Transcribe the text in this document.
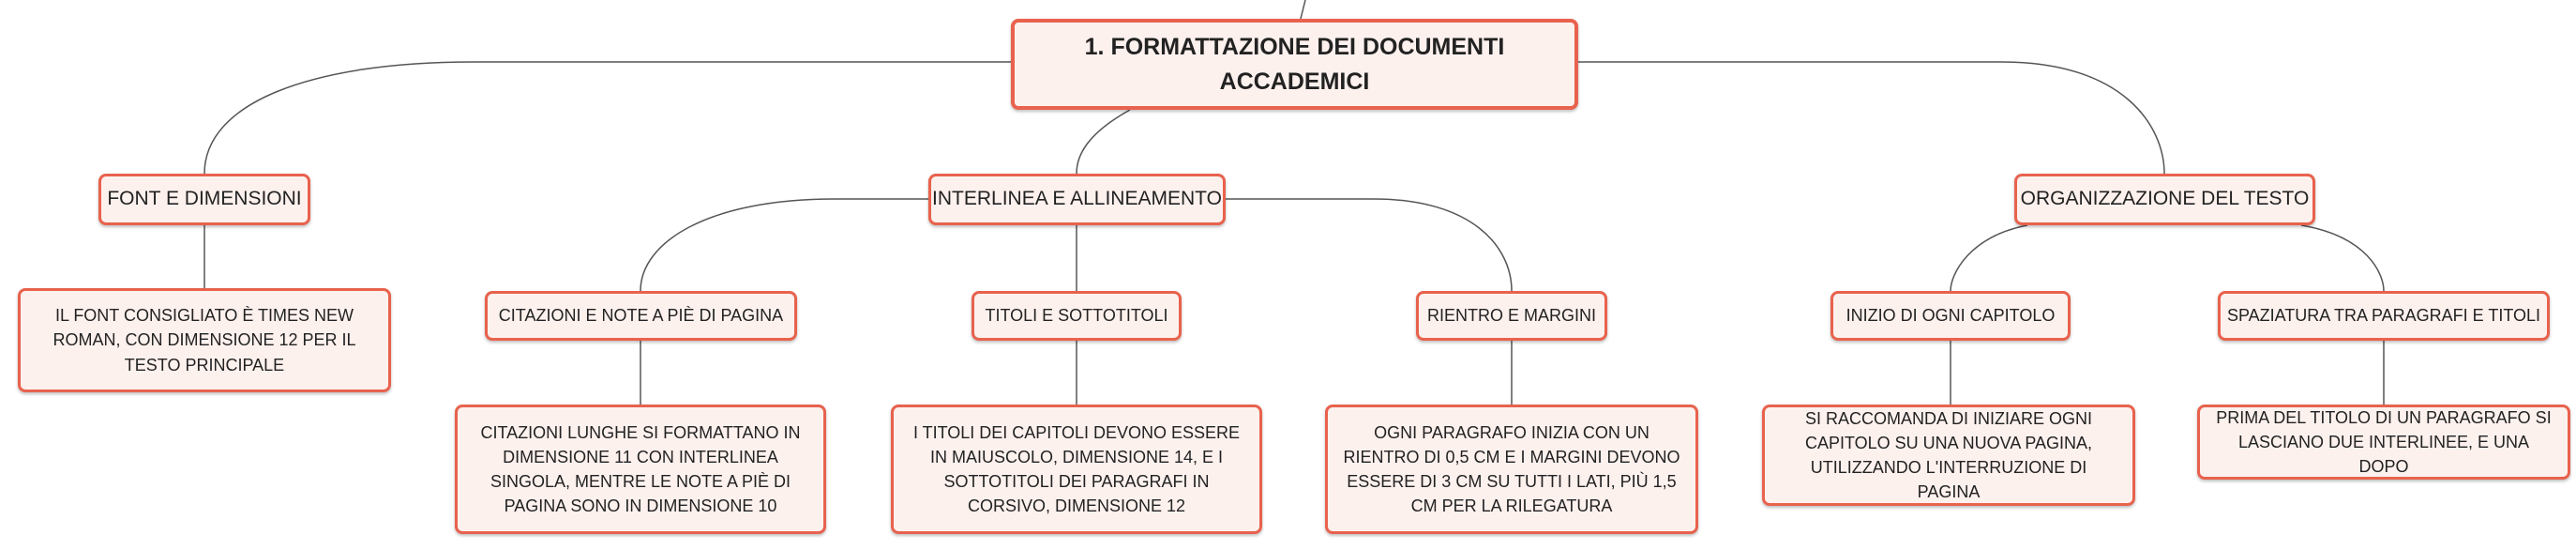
1. FORMATTAZIONE DEI DOCUMENTI ACCADEMICI
FONT E DIMENSIONI	INTERLINEA E ALLINEAMENTO	ORGANIZZAZIONE DEL TESTO
CITAZIONI E NOTE A PIÈ DI PAGINA	TITOLI E SOTTOTITOLI	RIENTRO E MARGINI	INIZIO DI OGNI CAPITOLO	SPAZIATURA TRA PARAGRAFI E TITOLI
IL FONT CONSIGLIATO È TIMES NEW ROMAN, CON DIMENSIONE 12 PER IL TESTO PRINCIPALE
CITAZIONI LUNGHE SI FORMATTANO IN DIMENSIONE 11 CON INTERLINEA SINGOLA, MENTRE LE NOTE A PIÈ DI PAGINA SONO IN DIMENSIONE 10
I TITOLI DEI CAPITOLI DEVONO ESSERE IN MAIUSCOLO, DIMENSIONE 14, E I SOTTOTITOLI DEI PARAGRAFI IN CORSIVO, DIMENSIONE 12
OGNI PARAGRAFO INIZIA CON UN RIENTRO DI 0,5 CM E I MARGINI DEVONO ESSERE DI 3 CM SU TUTTI I LATI, PIÙ 1,5 CM PER LA RILEGATURA
SI RACCOMANDA DI INIZIARE OGNI CAPITOLO SU UNA NUOVA PAGINA, UTILIZZANDO L'INTERRUZIONE DI PAGINA
PRIMA DEL TITOLO DI UN PARAGRAFO SI LASCIANO DUE INTERLINEE, E UNA DOPO
